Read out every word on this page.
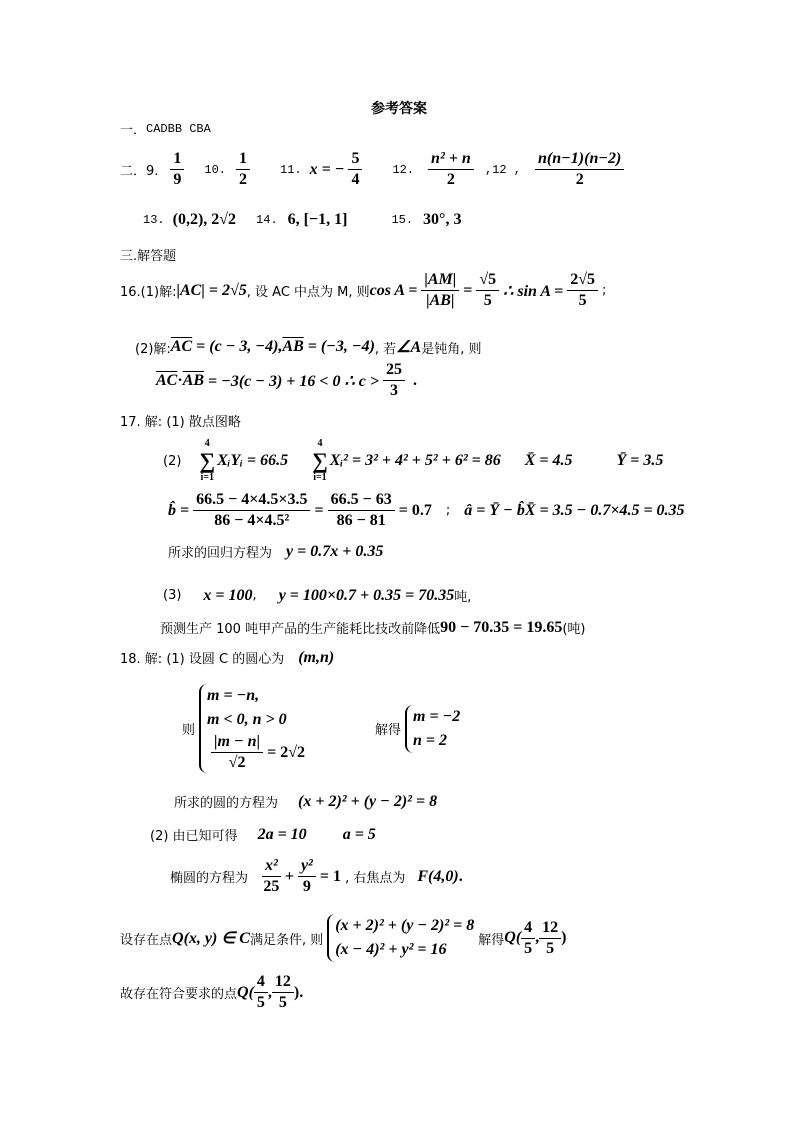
参考答案
一． CADBB CBA
二．9.
1
9
10.
1
2
11. x = − $\frac{5}{4}$	12.
n² + n
2
,12 ,
n(n−1)(n−2)
2
13. (0,2), 2√2 14. 6, [−1, 1]	15. 30°, 3
三.解答题
16.(1)解: |AC| = 2√5 , 设 AC 中点为 M, 则 $\cos A = \frac{|AM|}{|AB|} = \frac{√5}{5}$ ∴ $\sin A = \frac{2√5}{5}$ ;
(2)解: $\overline{AC} = (c - 3$, −4), $\overline{AB} = (-3$, −4) , 若 ∠A 是钝角, 则
$\overline{AC} \cdot \overline{AB} = -3(c - 3) + 16 < 0$ ∴ c >
25
3
.
17. 解: (1) 散点图略
(2)
4
∑
i=1
XᵢYᵢ = 66.5
4
∑
i=1
Xᵢ² = 3² + 4² + 5² + 6² = 86 X̄ = 4.5	Ȳ = 3.5
b̂ = $\frac{66.5 - 4\times 4.5\times 3.5}{\text{86 − 4×4.5²}} = \frac{66.5 - 63}{86 - 81} = 0.7$ ; â = Ȳ − b̂X̄ = 3.5 − 0.7×4.5 = 0.35
所求的回归方程为 y = 0.7x + 0.35
(3) x = 100 , y = 100×0.7 + 0.35 = 70.35 吨,
预测生产 100 吨甲产品的生产能耗比技改前降低 90 − 70.35 = 19.65 (吨)
18. 解: (1) 设圆 C 的圆心为 (m,n)
则
m = −n,
m < 0, n > 0
$\frac{|m - n|}{√2} = 2√2$
解得
m = −2
n = 2
所求的圆的方程为 (x + 2)² + (y − 2)² = 8
(2) 由已知可得 2a = 10 a = 5
椭圆的方程为
x²
25
+ $\frac{\text{y²}}{9} = 1$ , 右焦点为 F(4,0) .
设存在点 Q(x, y) ∈ C 满足条件, 则
(x + 2)² + (y − 2)² = 8
(x − 4)² + y² = 16
解得 Q(
4
5
,
12
5
)
故存在符合要求的点 Q(
4
5
,
12
5
) .
